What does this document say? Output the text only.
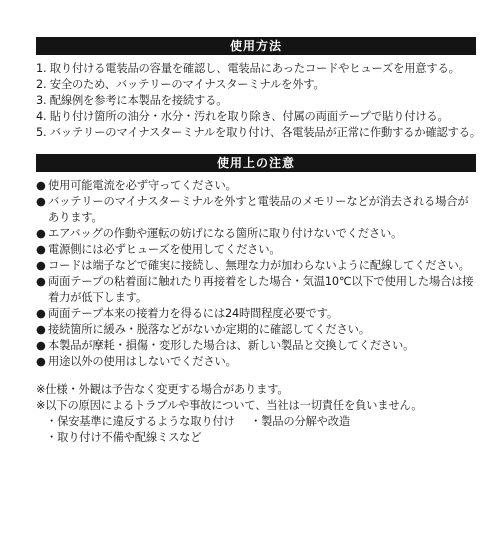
使用方法
1. 取り付ける電装品の容量を確認し、電装品にあったコードやヒューズを用意する。
2. 安全のため、バッテリーのマイナスターミナルを外す。
3. 配線例を参考に本製品を接続する。
4. 貼り付け箇所の油分・水分・汚れを取り除き、付属の両面テープで貼り付ける。
5. バッテリーのマイナスターミナルを取り付け、各電装品が正常に作動するか確認する。
使用上の注意
● 使用可能電流を必ず守ってください。
● バッテリーのマイナスターミナルを外すと電装品のメモリーなどが消去される場合があります。
● エアバッグの作動や運転の妨げになる箇所に取り付けないでください。
● 電源側には必ずヒューズを使用してください。
● コードは端子などで確実に接続し、無理な力が加わらないように配線してください。
● 両面テープの粘着面に触れたり再接着をした場合・気温10℃以下で使用した場合は接着力が低下します。
● 両面テープ本来の接着力を得るには24時間程度必要です。
● 接続箇所に緩み・脱落などがないか定期的に確認してください。
● 本製品が摩耗・損傷・変形した場合は、新しい製品と交換してください。
● 用途以外の使用はしないでください。
※仕様・外観は予告なく変更する場合があります。
※以下の原因によるトラブルや事故について、当社は一切責任を負いません。
・保安基準に違反するような取り付け ・製品の分解や改造
・取り付け不備や配線ミスなど
